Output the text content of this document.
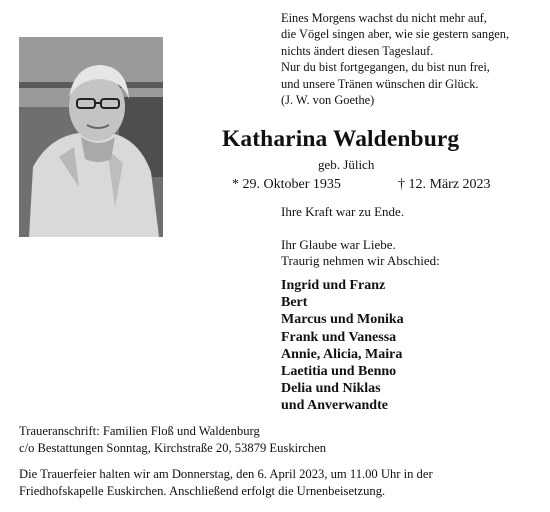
Eines Morgens wachst du nicht mehr auf,
die Vögel singen aber, wie sie gestern sangen,
nichts ändert diesen Tageslauf.
Nur du bist fortgegangen, du bist nun frei,
und unsere Tränen wünschen dir Glück.
(J. W. von Goethe)
Katharina Waldenburg
geb. Jülich
* 29. Oktober 1935	† 12. März 2023
Ihre Kraft war zu Ende.
Ihr Glaube war Liebe.
Traurig nehmen wir Abschied:
Ingrid und Franz
Bert
Marcus und Monika
Frank und Vanessa
Annie, Alicia, Maira
Laetitia und Benno
Delia und Niklas
und Anverwandte
Traueranschrift: Familien Floß und Waldenburg
c/o Bestattungen Sonntag, Kirchstraße 20, 53879 Euskirchen
Die Trauerfeier halten wir am Donnerstag, den 6. April 2023, um 11.00 Uhr in der
Friedhofskapelle Euskirchen. Anschließend erfolgt die Urnenbeisetzung.
